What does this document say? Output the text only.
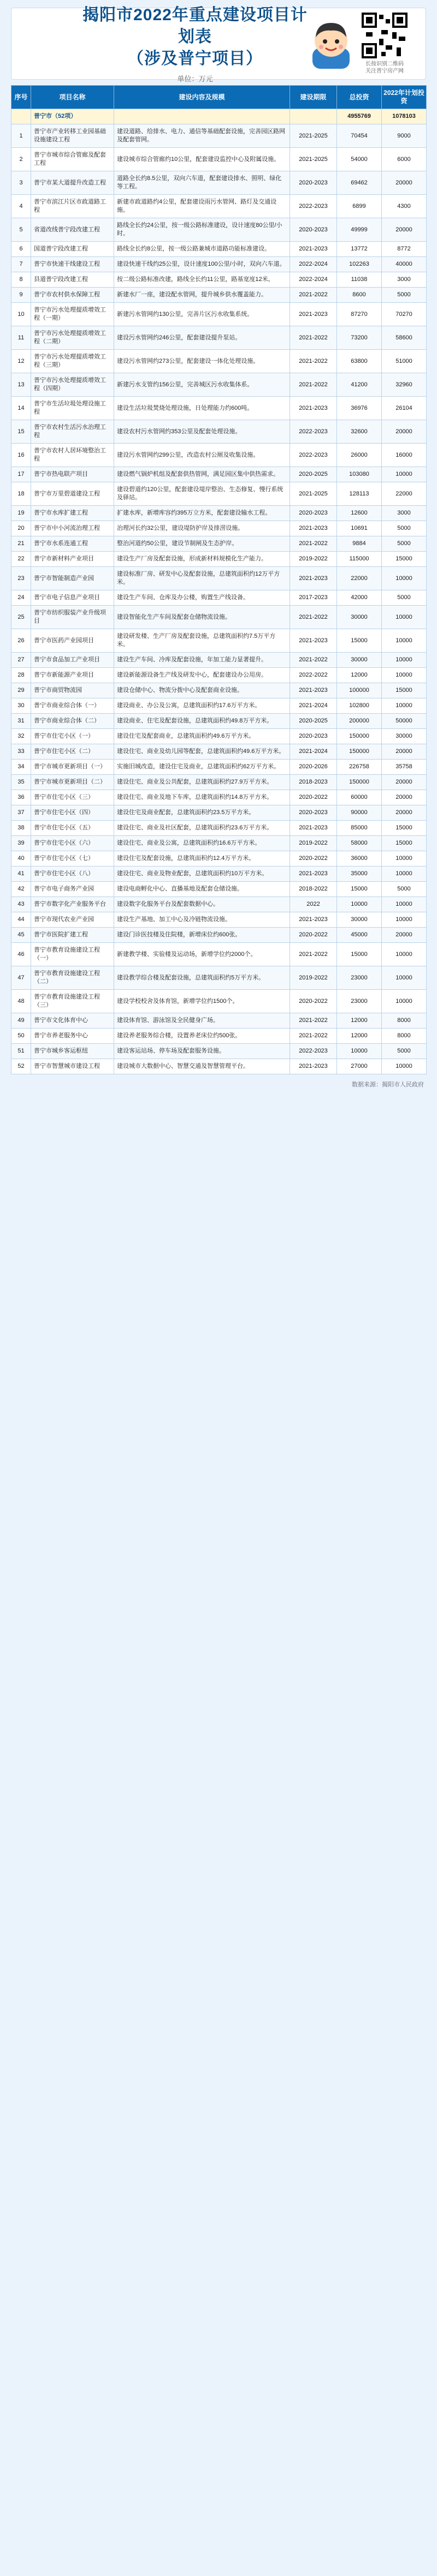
揭阳市2022年重点建设项目计划表
（涉及普宁项目）
单位：万元
长按识别二维码
关注普宁房产网
序号	项目名称	建设内容及规模	建设期限	总投资	2022年计划投资
	普宁市（52项）			4955769	1078103
1	普宁市产业转移工业园基础设施建设工程	建设道路、给排水、电力、通信等基础配套设施，完善园区路网及配套管网。	2021-2025	70454	9000
2	普宁市城市综合管廊及配套工程	建设城市综合管廊约10公里，配套建设监控中心及附属设施。	2021-2025	54000	6000
3	普宁市某大道提升改造工程	道路全长约8.5公里，双向六车道，配套建设排水、照明、绿化等工程。	2020-2023	69462	20000
4	普宁市滨江片区市政道路工程	新建市政道路约4公里，配套建设雨污水管网、路灯及交通设施。	2022-2023	6899	4300
5	省道改线普宁段改建工程	路线全长约24公里，按一级公路标准建设，设计速度80公里/小时。	2020-2023	49999	20000
6	国道普宁段改建工程	路线全长约8公里，按一级公路兼城市道路功能标准建设。	2021-2023	13772	8772
7	普宁市快速干线建设工程	建设快速干线约25公里，设计速度100公里/小时，双向六车道。	2022-2024	102263	40000
8	县道普宁段改建工程	按二级公路标准改建，路线全长约11公里，路基宽度12米。	2022-2024	11038	3000
9	普宁市农村供水保障工程	新建水厂一座，建设配水管网，提升城乡供水覆盖能力。	2021-2022	8600	5000
10	普宁市污水处理提质增效工程（一期）	新建污水管网约130公里，完善片区污水收集系统。	2021-2023	87270	70270
11	普宁市污水处理提质增效工程（二期）	建设污水管网约246公里，配套建设提升泵站。	2021-2022	73200	58600
12	普宁市污水处理提质增效工程（三期）	建设污水管网约273公里，配套建设一体化处理设施。	2021-2022	63800	51000
13	普宁市污水处理提质增效工程（四期）	新建污水支管约156公里，完善城区污水收集体系。	2021-2022	41200	32960
14	普宁市生活垃圾处理设施工程	建设生活垃圾焚烧处理设施，日处理能力约600吨。	2021-2023	36976	26104
15	普宁市农村生活污水治理工程	建设农村污水管网约353公里及配套处理设施。	2022-2023	32600	20000
16	普宁市农村人居环境整治工程	建设污水管网约299公里，改造农村公厕及收集设施。	2022-2023	26000	16000
17	普宁市热电联产项目	建设燃气锅炉机组及配套供热管网，满足园区集中供热需求。	2020-2025	103080	10000
18	普宁市万里碧道建设工程	建设碧道约120公里，配套建设堤岸整治、生态修复、慢行系统及驿站。	2021-2025	128113	22000
19	普宁市水库扩建工程	扩建水库，新增库容约395万立方米，配套建设输水工程。	2020-2023	12600	3000
20	普宁市中小河流治理工程	治理河长约32公里，建设堤防护岸及排涝设施。	2021-2023	10691	5000
21	普宁市水系连通工程	整治河道约50公里，建设节制闸及生态护岸。	2021-2022	9884	5000
22	普宁市新材料产业项目	建设生产厂房及配套设施，形成新材料规模化生产能力。	2019-2022	115000	15000
23	普宁市智能制造产业园	建设标准厂房、研发中心及配套设施，总建筑面积约12万平方米。	2021-2023	22000	10000
24	普宁市电子信息产业项目	建设生产车间、仓库及办公楼，购置生产线设备。	2017-2023	42000	5000
25	普宁市纺织服装产业升级项目	建设智能化生产车间及配套仓储物流设施。	2021-2022	30000	10000
26	普宁市医药产业园项目	建设研发楼、生产厂房及配套设施，总建筑面积约7.5万平方米。	2021-2023	15000	10000
27	普宁市食品加工产业项目	建设生产车间、冷库及配套设施，年加工能力显著提升。	2021-2022	30000	10000
28	普宁市新能源产业项目	建设新能源设备生产线及研发中心，配套建设办公用房。	2022-2022	12000	10000
29	普宁市商贸物流园	建设仓储中心、物流分拨中心及配套商业设施。	2021-2023	100000	15000
30	普宁市商业综合体（一）	建设商业、办公及公寓，总建筑面积约17.6万平方米。	2021-2024	102800	10000
31	普宁市商业综合体（二）	建设商业、住宅及配套设施，总建筑面积约49.8万平方米。	2020-2025	200000	50000
32	普宁市住宅小区（一）	建设住宅及配套商业，总建筑面积约49.6万平方米。	2020-2023	150000	30000
33	普宁市住宅小区（二）	建设住宅、商业及幼儿园等配套，总建筑面积约49.6万平方米。	2021-2024	150000	20000
34	普宁市城市更新项目（一）	实施旧城改造，建设住宅及商业，总建筑面积约62万平方米。	2020-2026	226758	35758
35	普宁市城市更新项目（二）	建设住宅、商业及公共配套，总建筑面积约27.9万平方米。	2018-2023	150000	20000
36	普宁市住宅小区（三）	建设住宅、商业及地下车库，总建筑面积约14.8万平方米。	2020-2022	60000	20000
37	普宁市住宅小区（四）	建设住宅及商业配套，总建筑面积约23.5万平方米。	2020-2023	90000	20000
38	普宁市住宅小区（五）	建设住宅、商业及社区配套，总建筑面积约23.6万平方米。	2021-2023	85000	15000
39	普宁市住宅小区（六）	建设住宅、商业及公寓，总建筑面积约16.6万平方米。	2019-2022	58000	15000
40	普宁市住宅小区（七）	建设住宅及配套设施，总建筑面积约12.4万平方米。	2020-2022	36000	10000
41	普宁市住宅小区（八）	建设住宅、商业及物业配套，总建筑面积约10万平方米。	2021-2023	35000	10000
42	普宁市电子商务产业园	建设电商孵化中心、直播基地及配套仓储设施。	2018-2022	15000	5000
43	普宁市数字化产业服务平台	建设数字化服务平台及配套数据中心。	2022	10000	10000
44	普宁市现代农业产业园	建设生产基地、加工中心及冷链物流设施。	2021-2023	30000	10000
45	普宁市医院扩建工程	建设门诊医技楼及住院楼，新增床位约600张。	2020-2022	45000	20000
46	普宁市教育设施建设工程（一）	新建教学楼、实验楼及运动场，新增学位约2000个。	2021-2022	15000	10000
47	普宁市教育设施建设工程（二）	建设教学综合楼及配套设施，总建筑面积约5万平方米。	2019-2022	23000	10000
48	普宁市教育设施建设工程（三）	建设学校校舍及体育馆，新增学位约1500个。	2020-2022	23000	10000
49	普宁市文化体育中心	建设体育馆、游泳馆及全民健身广场。	2021-2022	12000	8000
50	普宁市养老服务中心	建设养老服务综合楼，设置养老床位约500张。	2021-2022	12000	8000
51	普宁市城乡客运枢纽	建设客运站场、停车场及配套服务设施。	2022-2023	10000	5000
52	普宁市智慧城市建设工程	建设城市大数据中心、智慧交通及智慧管理平台。	2021-2023	27000	10000
数据来源：揭阳市人民政府
